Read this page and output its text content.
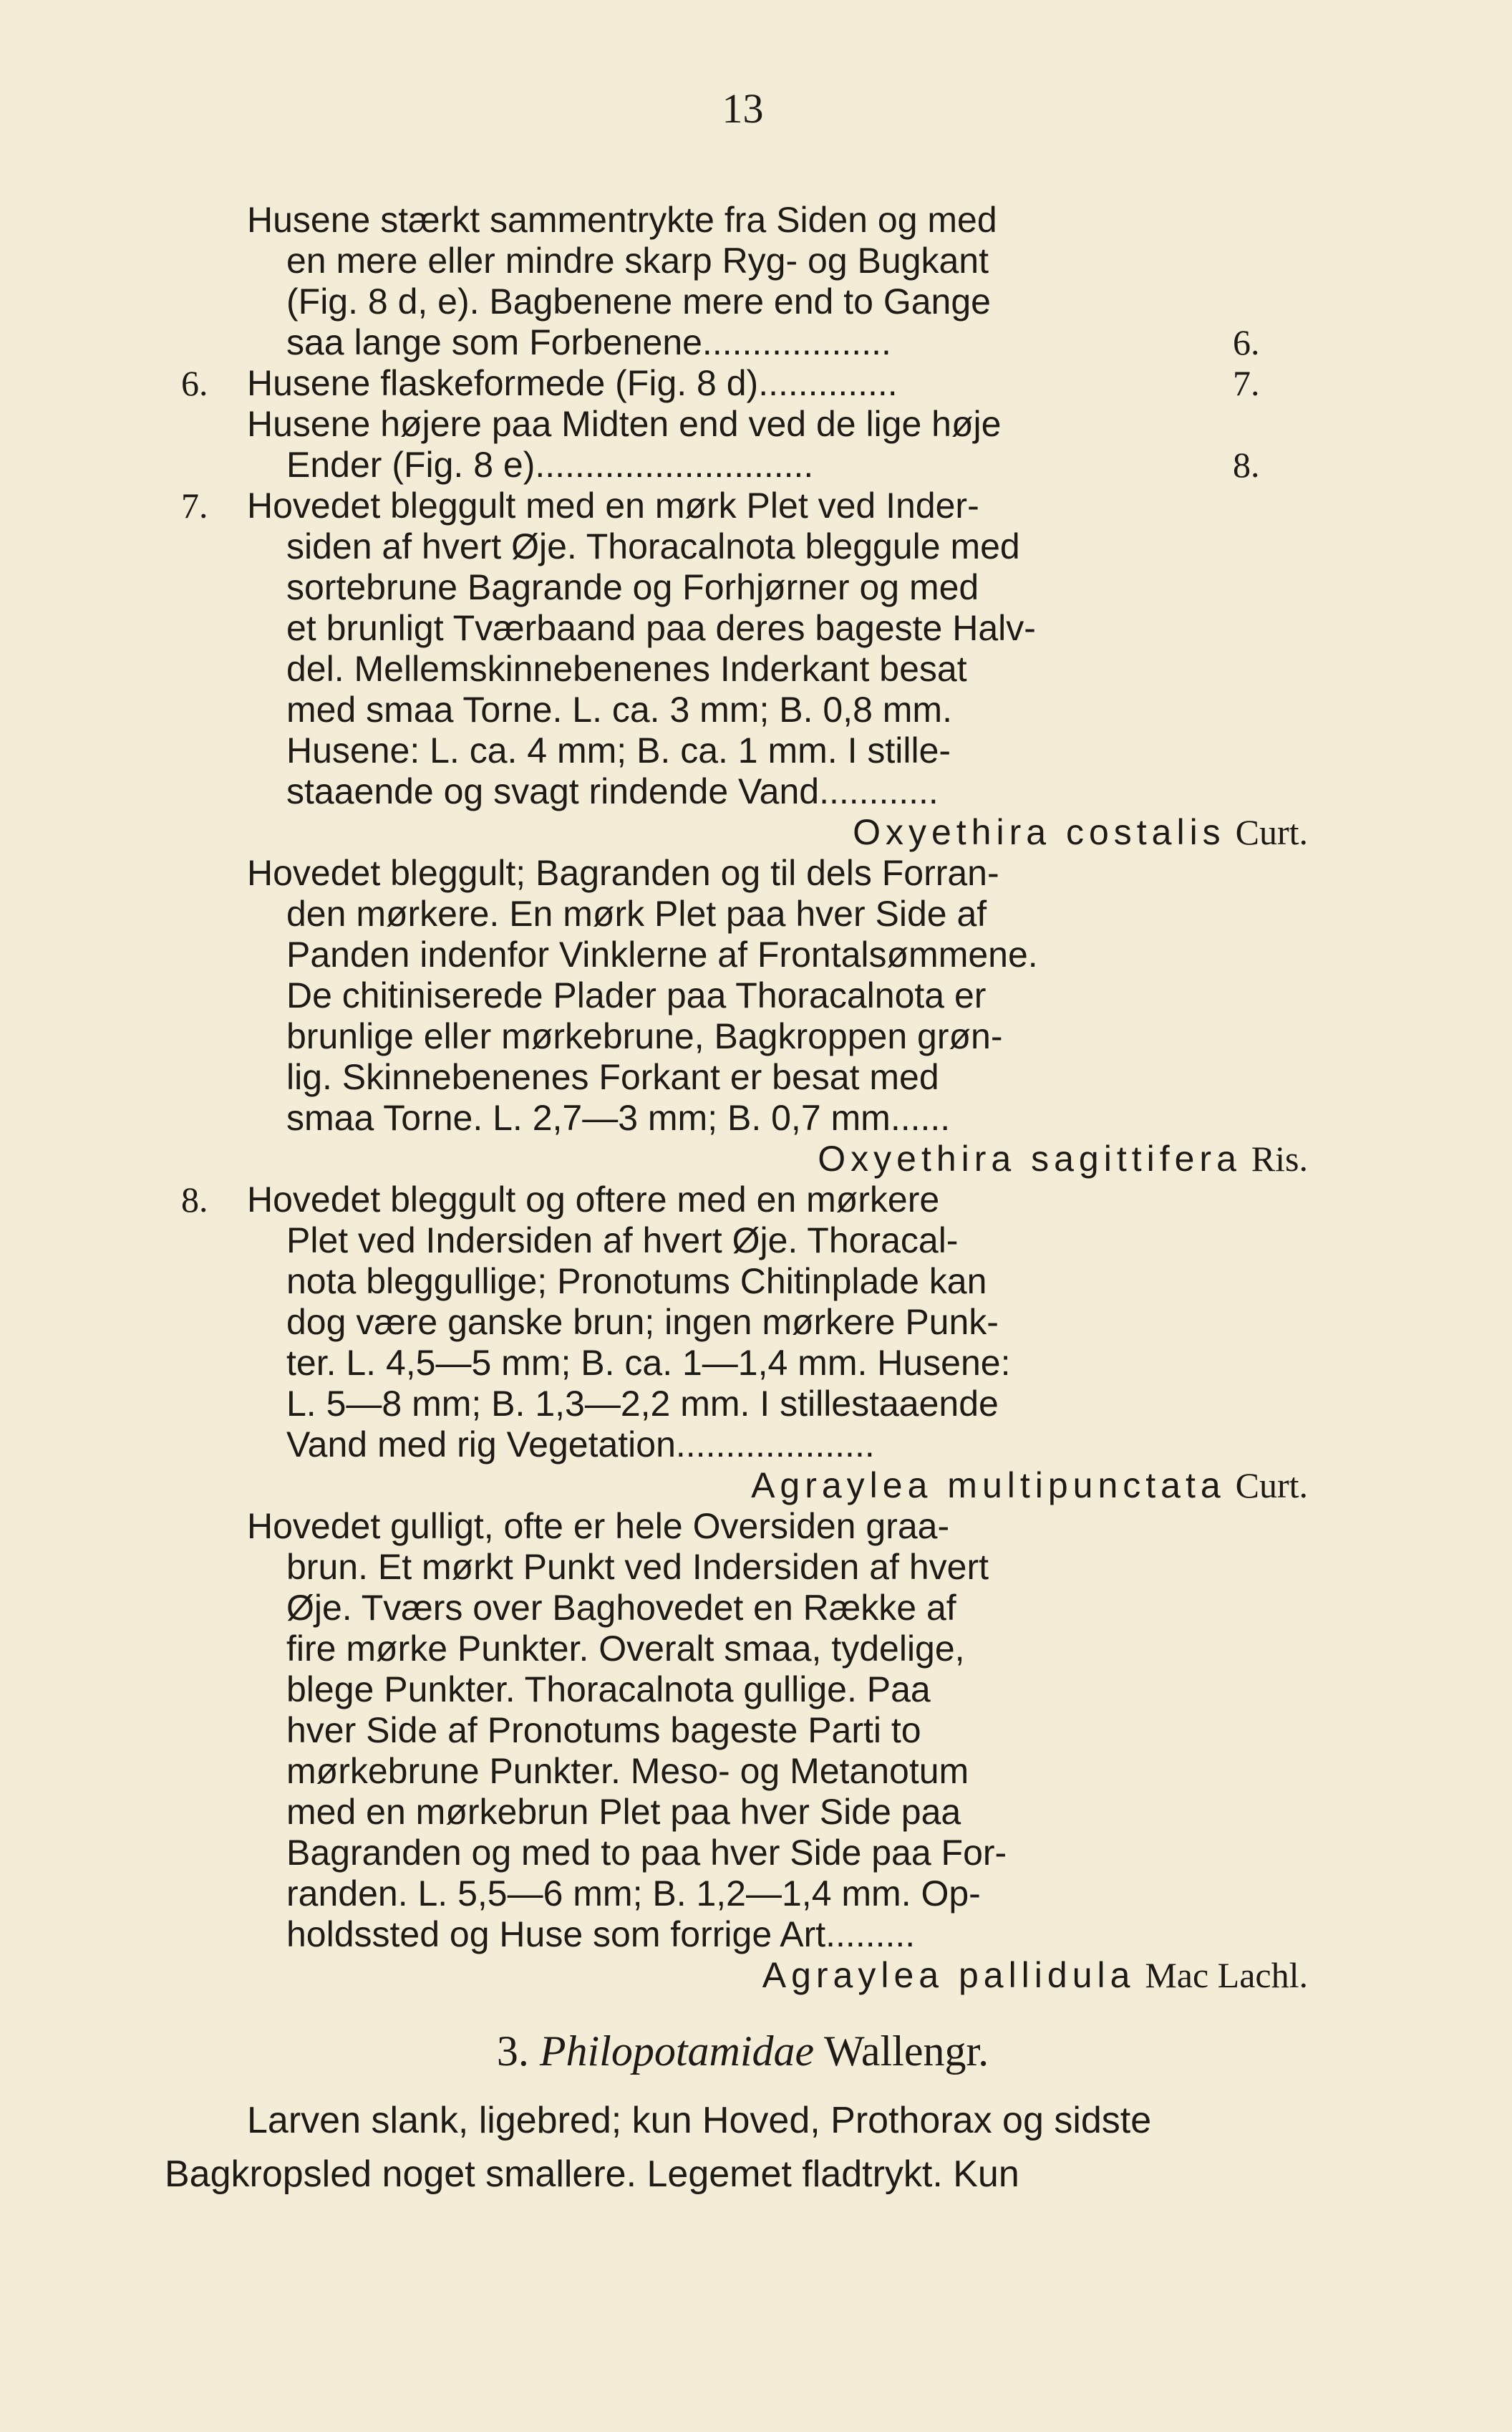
13
Husene stærkt sammentrykte fra Siden og med
en mere eller mindre skarp Ryg- og Bugkant
(Fig. 8 d, e). Bagbenene mere end to Gange
saa lange som Forbenene...................	6.
6. Husene flaskeformede (Fig. 8 d)..............	7.
Husene højere paa Midten end ved de lige høje
Ender (Fig. 8 e)............................	8.
7. Hovedet bleggult med en mørk Plet ved Inder-
siden af hvert Øje. Thoracalnota bleggule med
sortebrune Bagrande og Forhjørner og med
et brunligt Tværbaand paa deres bageste Halv-
del. Mellemskinnebenenes Inderkant besat
med smaa Torne. L. ca. 3 mm; B. 0,8 mm.
Husene: L. ca. 4 mm; B. ca. 1 mm. I stille-
staaende og svagt rindende Vand............
Oxyethira costalis Curt.
Hovedet bleggult; Bagranden og til dels Forran-
den mørkere. En mørk Plet paa hver Side af
Panden indenfor Vinklerne af Frontalsømmene.
De chitiniserede Plader paa Thoracalnota er
brunlige eller mørkebrune, Bagkroppen grøn-
lig. Skinnebenenes Forkant er besat med
smaa Torne. L. 2,7—3 mm; B. 0,7 mm......
Oxyethira sagittifera Ris.
8. Hovedet bleggult og oftere med en mørkere
Plet ved Indersiden af hvert Øje. Thoracal-
nota bleggullige; Pronotums Chitinplade kan
dog være ganske brun; ingen mørkere Punk-
ter. L. 4,5—5 mm; B. ca. 1—1,4 mm. Husene:
L. 5—8 mm; B. 1,3—2,2 mm. I stillestaaende
Vand med rig Vegetation....................
Agraylea multipunctata Curt.
Hovedet gulligt, ofte er hele Oversiden graa-
brun. Et mørkt Punkt ved Indersiden af hvert
Øje. Tværs over Baghovedet en Række af
fire mørke Punkter. Overalt smaa, tydelige,
blege Punkter. Thoracalnota gullige. Paa
hver Side af Pronotums bageste Parti to
mørkebrune Punkter. Meso- og Metanotum
med en mørkebrun Plet paa hver Side paa
Bagranden og med to paa hver Side paa For-
randen. L. 5,5—6 mm; B. 1,2—1,4 mm. Op-
holdssted og Huse som forrige Art.........
Agraylea pallidula Mac Lachl.
3. Philopotamidae Wallengr.
Larven slank, ligebred; kun Hoved, Prothorax og sidste
Bagkropsled noget smallere. Legemet fladtrykt. Kun
